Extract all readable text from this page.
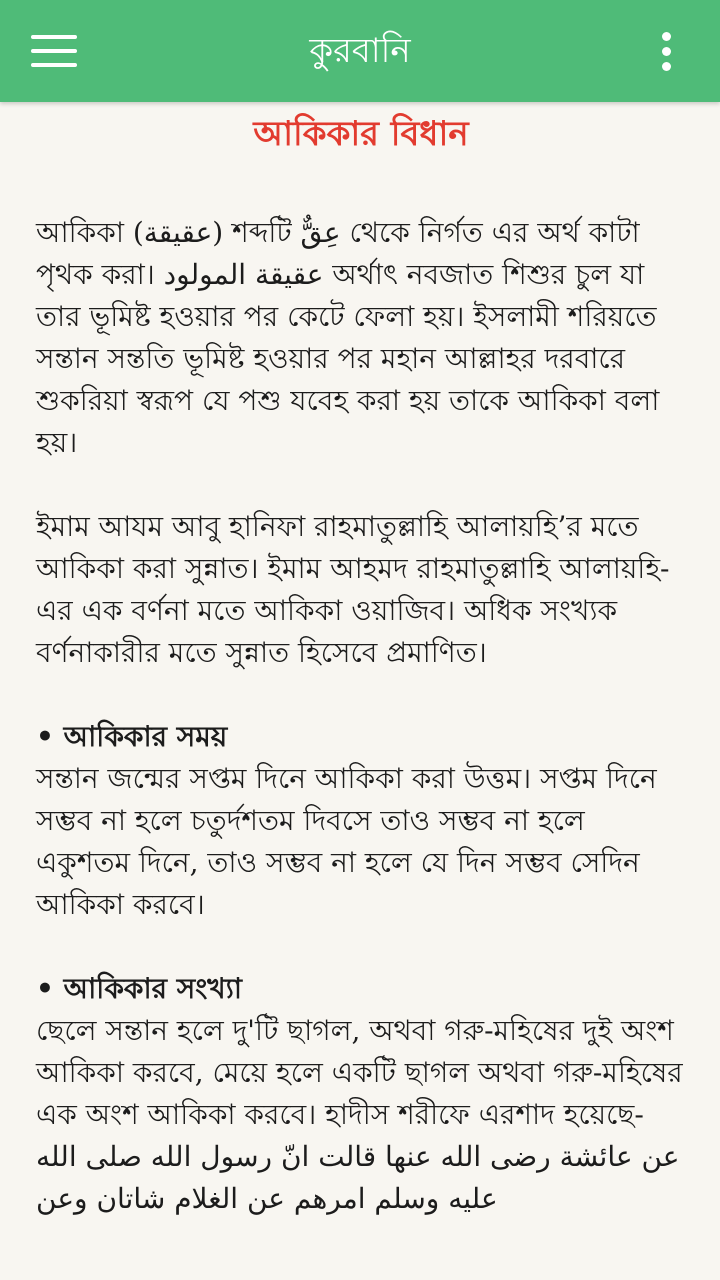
কুরবানি
আকিকার বিধান

আকিকা (عقيقة) শব্দটি عِقٌّ থেকে নির্গত এর অর্থ কাটা পৃথক করা। عقيقة المولود অর্থাৎ নবজাত শিশুর চুল যা তার ভূমিষ্ট হওয়ার পর কেটে ফেলা হয়। ইসলামী শরিয়তে সন্তান সন্ততি ভূমিষ্ট হওয়ার পর মহান আল্লাহর দরবারে শুকরিয়া স্বরূপ যে পশু যবেহ করা হয় তাকে আকিকা বলা হয়।

ইমাম আযম আবু হানিফা রাহমাতুল্লাহি আলায়হি’র মতে আকিকা করা সুন্নাত। ইমাম আহমদ রাহমাতুল্লাহি আলায়হি-এর এক বর্ণনা মতে আকিকা ওয়াজিব। অধিক সংখ্যক বর্ণনাকারীর মতে সুন্নাত হিসেবে প্রমাণিত।

• আকিকার সময়

সন্তান জন্মের সপ্তম দিনে আকিকা করা উত্তম। সপ্তম দিনে সম্ভব না হলে চতুর্দশতম দিবসে তাও সম্ভব না হলে একুশতম দিনে, তাও সম্ভব না হলে যে দিন সম্ভব সেদিন আকিকা করবে।

• আকিকার সংখ্যা

ছেলে সন্তান হলে দু'টি ছাগল, অথবা গরু-মহিষের দুই অংশ আকিকা করবে, মেয়ে হলে একটি ছাগল অথবা গরু-মহিষের এক অংশ আকিকা করবে। হাদীস শরীফে এরশাদ হয়েছে-

عن عائشة رضى الله عنها قالت انّ رسول الله صلى الله عليه وسلم امرهم عن الغلام شاتان وعن
